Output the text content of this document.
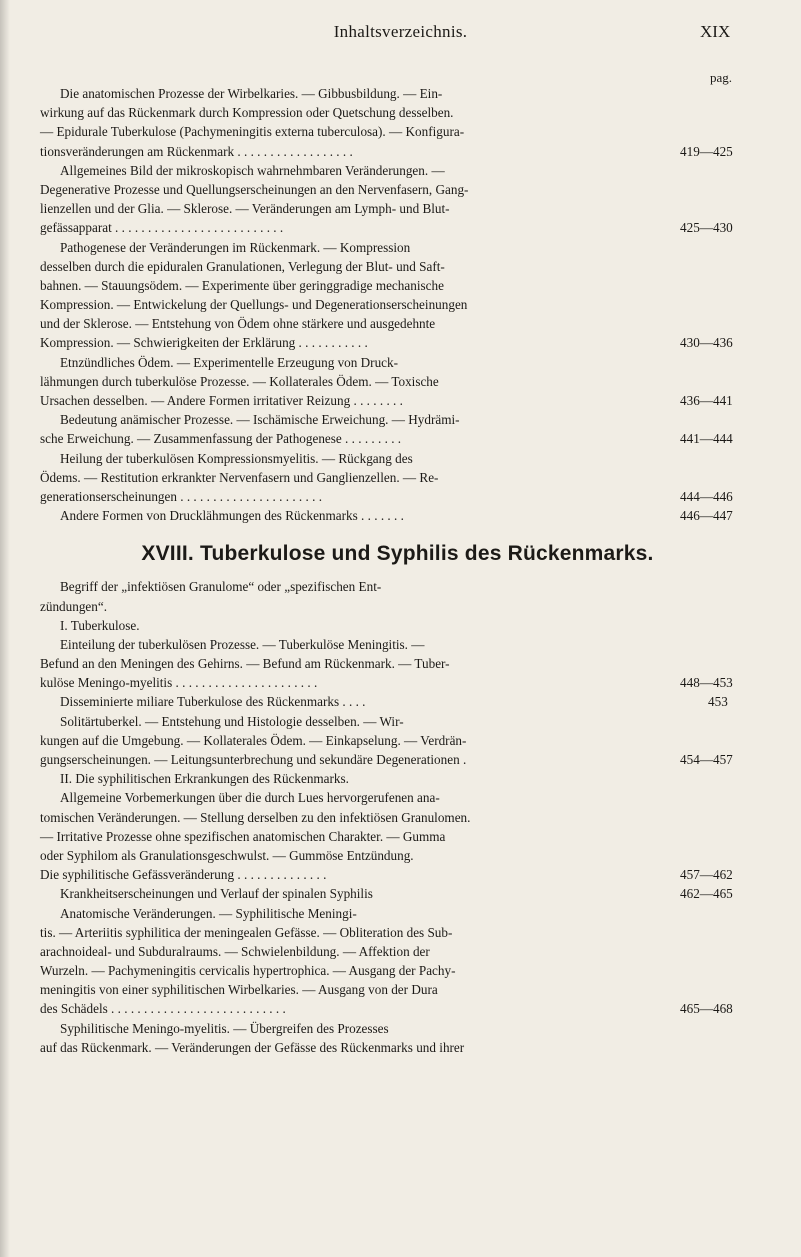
Inhaltsverzeichnis.	XIX
pag.
Die anatomischen Prozesse der Wirbelkaries. — Gibbusbildung. — Ein-
wirkung auf das Rückenmark durch Kompression oder Quetschung desselben.
— Epidurale Tuberkulose (Pachymeningitis externa tuberculosa). — Konfigura-
tionsveränderungen am Rückenmark . . . . . . . . . . . . . . . . . .	419—425
Allgemeines Bild der mikroskopisch wahrnehmbaren Veränderungen. —
Degenerative Prozesse und Quellungserscheinungen an den Nervenfasern, Gang-
lienzellen und der Glia. — Sklerose. — Veränderungen am Lymph- und Blut-
gefässapparat . . . . . . . . . . . . . . . . . . . . . . . . . .	425—430
Pathogenese der Veränderungen im Rückenmark. — Kompression
desselben durch die epiduralen Granulationen, Verlegung der Blut- und Saft-
bahnen. — Stauungsödem. — Experimente über geringgradige mechanische
Kompression. — Entwickelung der Quellungs- und Degenerationserscheinungen
und der Sklerose. — Entstehung von Ödem ohne stärkere und ausgedehnte
Kompression. — Schwierigkeiten der Erklärung . . . . . . . . . . .	430—436
Etnzündliches Ödem. — Experimentelle Erzeugung von Druck-
lähmungen durch tuberkulöse Prozesse. — Kollaterales Ödem. — Toxische
Ursachen desselben. — Andere Formen irritativer Reizung . . . . . . . .	436—441
Bedeutung anämischer Prozesse. — Ischämische Erweichung. — Hydrämi-
sche Erweichung. — Zusammenfassung der Pathogenese . . . . . . . . .	441—444
Heilung der tuberkulösen Kompressionsmyelitis. — Rückgang des
Ödems. — Restitution erkrankter Nervenfasern und Ganglienzellen. — Re-
generationserscheinungen . . . . . . . . . . . . . . . . . . . . . .	444—446
Andere Formen von Drucklähmungen des Rückenmarks . . . . . . .	446—447
XVIII. Tuberkulose und Syphilis des Rückenmarks.
Begriff der „infektiösen Granulome“ oder „spezifischen Ent-
zündungen“.
I. Tuberkulose.
Einteilung der tuberkulösen Prozesse. — Tuberkulöse Meningitis. —
Befund an den Meningen des Gehirns. — Befund am Rückenmark. — Tuber-
kulöse Meningo-myelitis . . . . . . . . . . . . . . . . . . . . . .	448—453
Disseminierte miliare Tuberkulose des Rückenmarks . . . .	453
Solitärtuberkel. — Entstehung und Histologie desselben. — Wir-
kungen auf die Umgebung. — Kollaterales Ödem. — Einkapselung. — Verdrän-
gungserscheinungen. — Leitungsunterbrechung und sekundäre Degenerationen .	454—457
II. Die syphilitischen Erkrankungen des Rückenmarks.
Allgemeine Vorbemerkungen über die durch Lues hervorgerufenen ana-
tomischen Veränderungen. — Stellung derselben zu den infektiösen Granulomen.
— Irritative Prozesse ohne spezifischen anatomischen Charakter. — Gumma
oder Syphilom als Granulationsgeschwulst. — Gummöse Entzündung.
Die syphilitische Gefässveränderung . . . . . . . . . . . . . .	457—462
Krankheitserscheinungen und Verlauf der spinalen Syphilis	462—465
Anatomische Veränderungen. — Syphilitische Meningi-
tis. — Arteriitis syphilitica der meningealen Gefässe. — Obliteration des Sub-
arachnoideal- und Subduralraums. — Schwielenbildung. — Affektion der
Wurzeln. — Pachymeningitis cervicalis hypertrophica. — Ausgang der Pachy-
meningitis von einer syphilitischen Wirbelkaries. — Ausgang von der Dura
des Schädels . . . . . . . . . . . . . . . . . . . . . . . . . . .	465—468
Syphilitische Meningo-myelitis. — Übergreifen des Prozesses
auf das Rückenmark. — Veränderungen der Gefässe des Rückenmarks und ihrer
